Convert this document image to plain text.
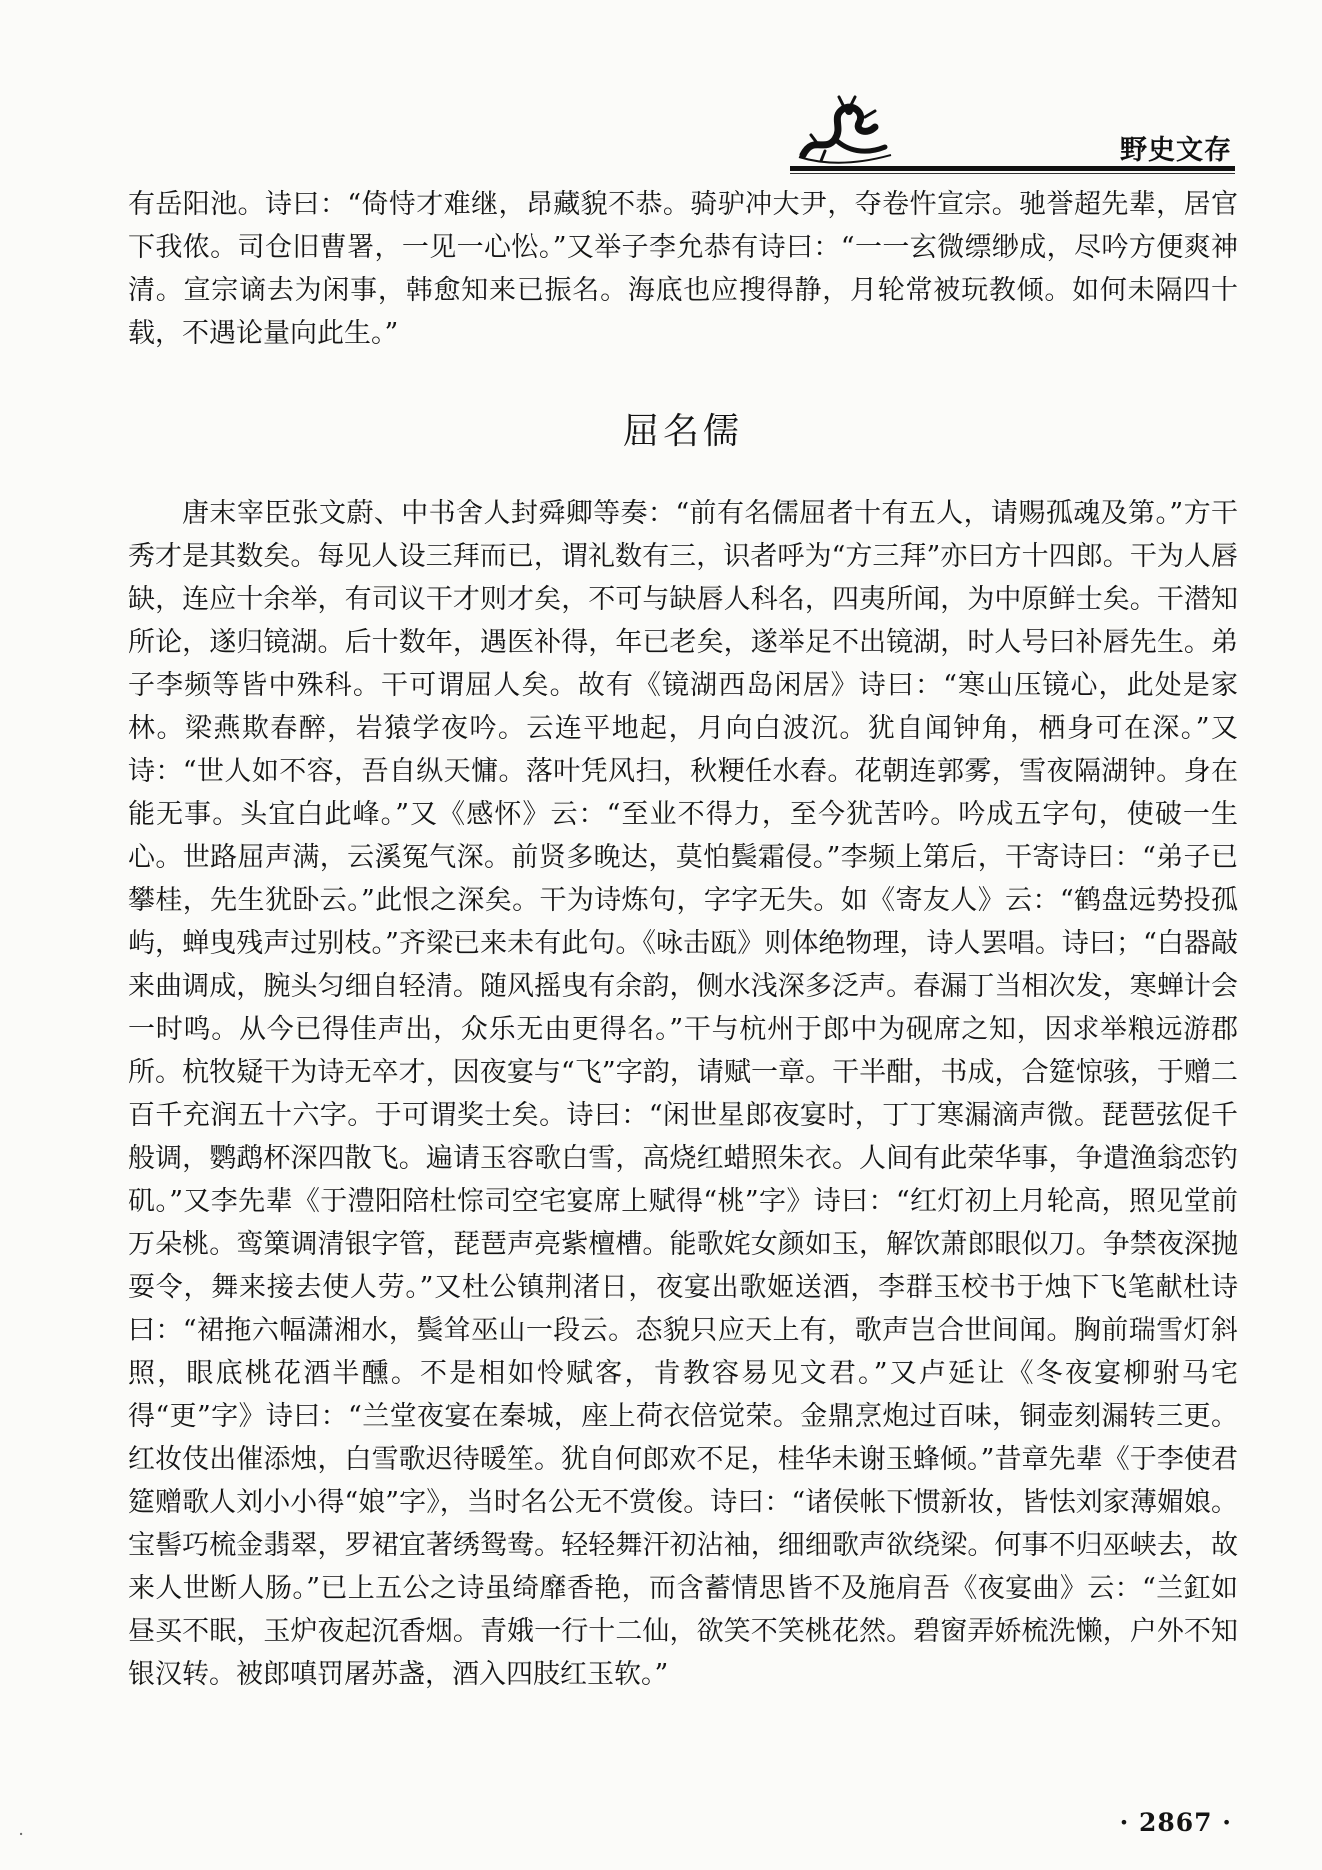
野史文存

有岳阳池。诗曰：“倚恃才难继，昂藏貌不恭。骑驴冲大尹，夺卷忤宣宗。驰誉超先辈，居官下我侬。司仓旧曹署，一见一心忪。”又举子李允恭有诗曰：“一一玄微缥缈成，尽吟方便爽神清。宣宗谪去为闲事，韩愈知来已振名。海底也应搜得静，月轮常被玩教倾。如何未隔四十载，不遇论量向此生。”

屈名儒

唐末宰臣张文蔚、中书舍人封舜卿等奏：“前有名儒屈者十有五人，请赐孤魂及第。”方干秀才是其数矣。每见人设三拜而已，谓礼数有三，识者呼为“方三拜”亦曰方十四郎。干为人唇缺，连应十余举，有司议干才则才矣，不可与缺唇人科名，四夷所闻，为中原鲜士矣。干潜知所论，遂归镜湖。后十数年，遇医补得，年已老矣，遂举足不出镜湖，时人号曰补唇先生。弟子李频等皆中殊科。干可谓屈人矣。故有《镜湖西岛闲居》诗曰：“寒山压镜心，此处是家林。梁燕欺春醉，岩猿学夜吟。云连平地起，月向白波沉。犹自闻钟角，栖身可在深。”又诗：“世人如不容，吾自纵天慵。落叶凭风扫，秋粳任水舂。花朝连郭雾，雪夜隔湖钟。身在能无事。头宜白此峰。”又《感怀》云：“至业不得力，至今犹苦吟。吟成五字句，使破一生心。世路屈声满，云溪冤气深。前贤多晚达，莫怕鬓霜侵。”李频上第后，干寄诗曰：“弟子已攀桂，先生犹卧云。”此恨之深矣。干为诗炼句，字字无失。如《寄友人》云：“鹤盘远势投孤屿，蝉曳残声过别枝。”齐梁已来未有此句。《咏击瓯》则体绝物理，诗人罢唱。诗曰；“白器敲来曲调成，腕头匀细自轻清。随风摇曳有余韵，侧水浅深多泛声。春漏丁当相次发，寒蝉计会一时鸣。从今已得佳声出，众乐无由更得名。”干与杭州于郎中为砚席之知，因求举粮远游郡所。杭牧疑干为诗无卒才，因夜宴与“飞”字韵，请赋一章。干半酣，书成，合筵惊骇，于赠二百千充润五十六字。于可谓奖士矣。诗曰：“闲世星郎夜宴时，丁丁寒漏滴声微。琵琶弦促千般调，鹦鹉杯深四散飞。遍请玉容歌白雪，高烧红蜡照朱衣。人间有此荣华事，争遣渔翁恋钓矶。”又李先辈《于澧阳陪杜悰司空宅宴席上赋得“桃”字》诗曰：“红灯初上月轮高，照见堂前万朵桃。鸾篥调清银字管，琵琶声亮紫檀槽。能歌姹女颜如玉，解饮萧郎眼似刀。争禁夜深抛耍令，舞来接去使人劳。”又杜公镇荆渚日，夜宴出歌姬送酒，李群玉校书于烛下飞笔献杜诗曰：“裙拖六幅潇湘水，鬓耸巫山一段云。态貌只应天上有，歌声岂合世间闻。胸前瑞雪灯斜照，眼底桃花酒半醺。不是相如怜赋客，肯教容易见文君。”又卢延让《冬夜宴柳驸马宅得“更”字》诗曰：“兰堂夜宴在秦城，座上荷衣倍觉荣。金鼎烹炮过百味，铜壶刻漏转三更。红妆伎出催添烛，白雪歌迟待暖笙。犹自何郎欢不足，桂华未谢玉蜂倾。”昔章先辈《于李使君筵赠歌人刘小小得“娘”字》，当时名公无不赏俊。诗曰：“诸侯帐下惯新妆，皆怯刘家薄媚娘。宝髻巧梳金翡翠，罗裙宜著绣鸳鸯。轻轻舞汗初沾袖，细细歌声欲绕梁。何事不归巫峡去，故来人世断人肠。”已上五公之诗虽绮靡香艳，而含蓄情思皆不及施肩吾《夜宴曲》云：“兰釭如昼买不眠，玉炉夜起沉香烟。青娥一行十二仙，欲笑不笑桃花然。碧窗弄娇梳洗懒，户外不知银汉转。被郎嗔罚屠苏盏，酒入四肢红玉软。”

· 2867 ·
⠂
